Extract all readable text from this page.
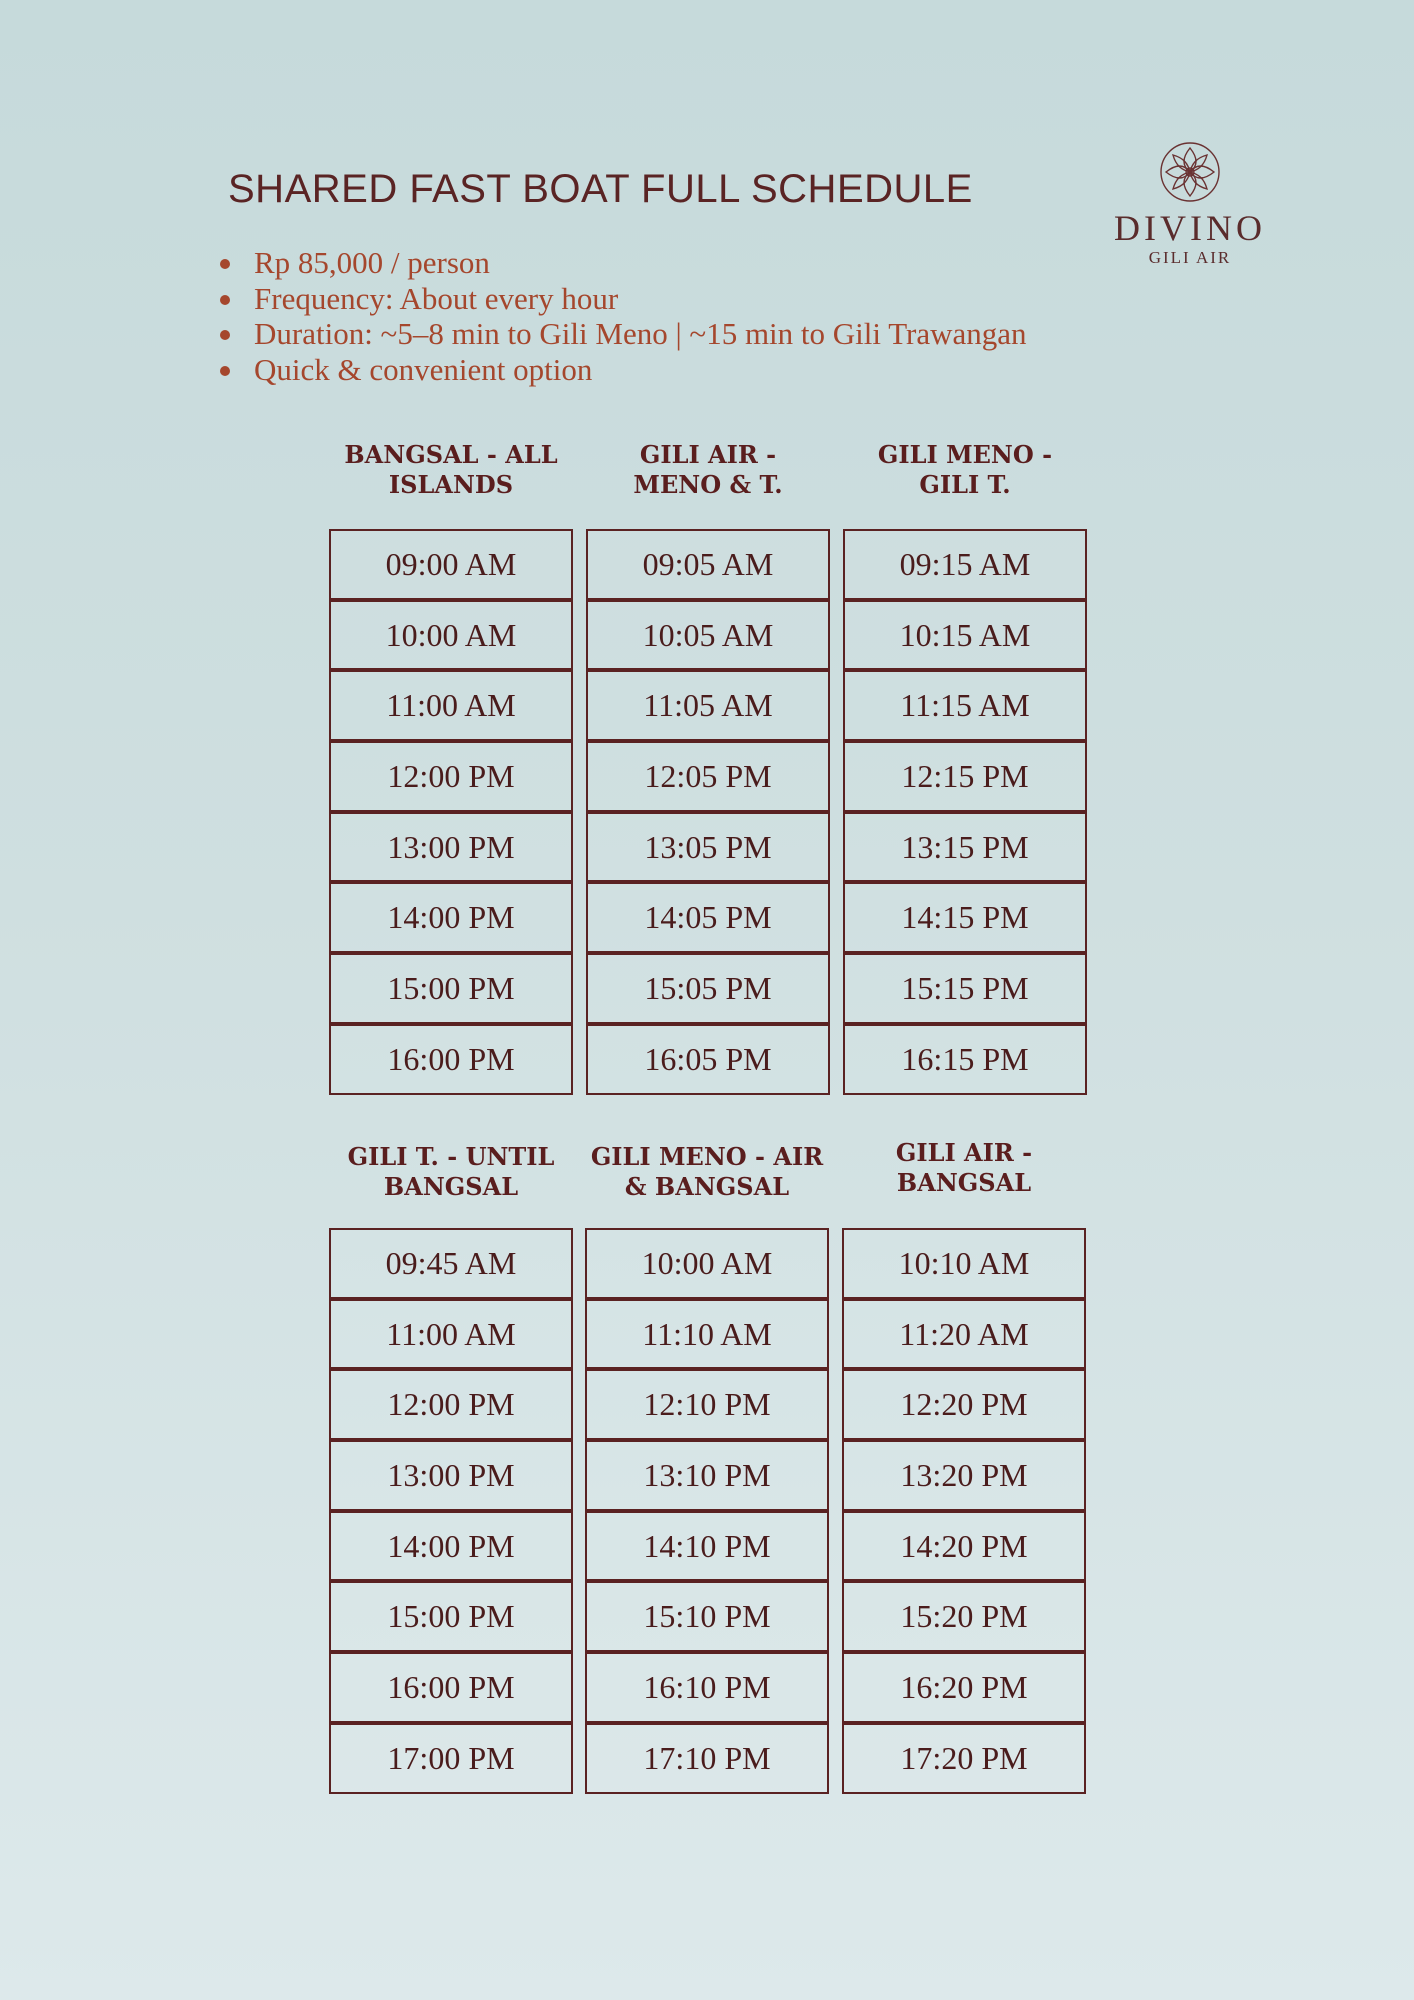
SHARED FAST BOAT FULL SCHEDULE
Rp 85,000 / person
Frequency: About every hour
Duration: ~5–8 min to Gili Meno | ~15 min to Gili Trawangan
Quick & convenient option
DIVINO
GILI AIR
BANGSAL - ALL
ISLANDS
09:00 AM
10:00 AM
11:00 AM
12:00 PM
13:00 PM
14:00 PM
15:00 PM
16:00 PM
GILI AIR -
MENO & T.
09:05 AM
10:05 AM
11:05 AM
12:05 PM
13:05 PM
14:05 PM
15:05 PM
16:05 PM
GILI MENO -
GILI T.
09:15 AM
10:15 AM
11:15 AM
12:15 PM
13:15 PM
14:15 PM
15:15 PM
16:15 PM
GILI T. - UNTIL
BANGSAL
09:45 AM
11:00 AM
12:00 PM
13:00 PM
14:00 PM
15:00 PM
16:00 PM
17:00 PM
GILI MENO - AIR
& BANGSAL
10:00 AM
11:10 AM
12:10 PM
13:10 PM
14:10 PM
15:10 PM
16:10 PM
17:10 PM
GILI AIR -
BANGSAL
10:10 AM
11:20 AM
12:20 PM
13:20 PM
14:20 PM
15:20 PM
16:20 PM
17:20 PM
